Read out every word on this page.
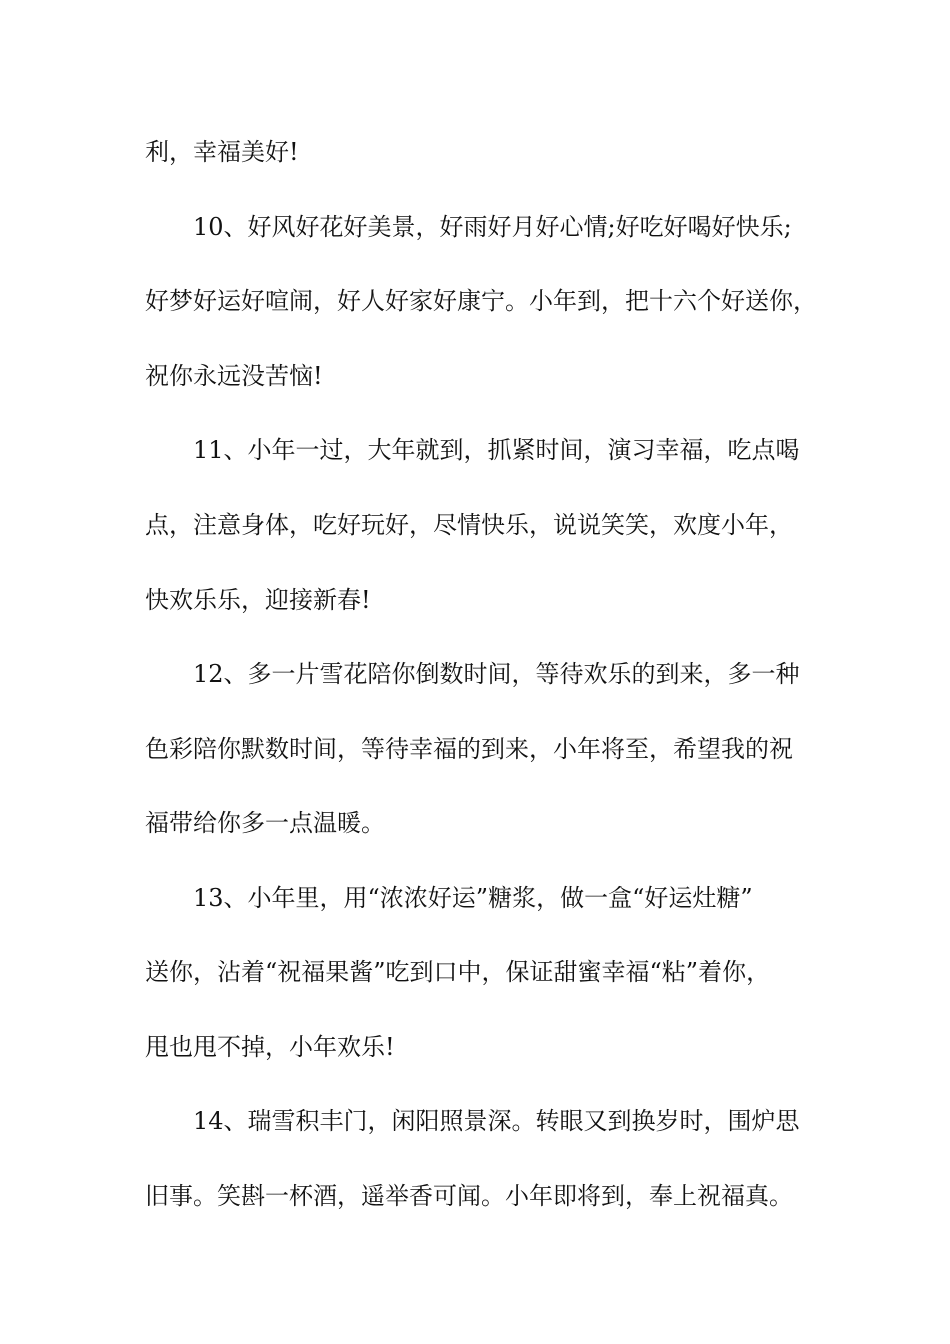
利，幸福美好!
10、好风好花好美景，好雨好月好心情;好吃好喝好快乐;
好梦好运好喧闹，好人好家好康宁。小年到，把十六个好送你，
祝你永远没苦恼!
11、小年一过，大年就到，抓紧时间，演习幸福，吃点喝
点，注意身体，吃好玩好，尽情快乐，说说笑笑，欢度小年，
快欢乐乐，迎接新春!
12、多一片雪花陪你倒数时间，等待欢乐的到来，多一种
色彩陪你默数时间，等待幸福的到来，小年将至，希望我的祝
福带给你多一点温暖。
13、小年里，用“浓浓好运”糖浆，做一盒“好运灶糖”
送你，沾着“祝福果酱”吃到口中，保证甜蜜幸福“粘”着你，
甩也甩不掉，小年欢乐!
14、瑞雪积丰门，闲阳照景深。转眼又到换岁时，围炉思
旧事。笑斟一杯酒，遥举香可闻。小年即将到，奉上祝福真。
